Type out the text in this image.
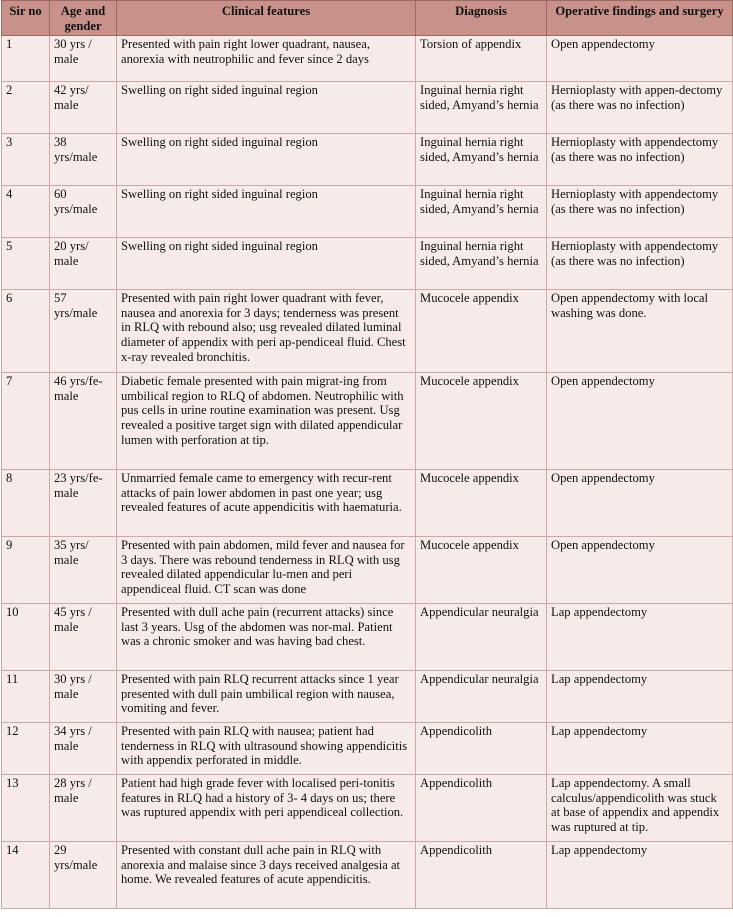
Sir no	Age and gender	Clinical features	Diagnosis	Operative findings and surgery
1	30 yrs / male	Presented with pain right lower quadrant, nausea, anorexia with neutrophilic and fever since 2 days	Torsion of appendix	Open appendectomy
2	42 yrs/ male	Swelling on right sided inguinal region	Inguinal hernia right sided, Amyand’s hernia	Hernioplasty with appen-dectomy (as there was no infection)
3	38 yrs/male	Swelling on right sided inguinal region	Inguinal hernia right sided, Amyand’s hernia	Hernioplasty with appendectomy (as there was no infection)
4	60 yrs/male	Swelling on right sided inguinal region	Inguinal hernia right sided, Amyand’s hernia	Hernioplasty with appendectomy (as there was no infection)
5	20 yrs/ male	Swelling on right sided inguinal region	Inguinal hernia right sided, Amyand’s hernia	Hernioplasty with appendectomy (as there was no infection)
6	57 yrs/male	Presented with pain right lower quadrant with fever, nausea and anorexia for 3 days; tenderness was present in RLQ with rebound also; usg revealed dilated luminal diameter of appendix with peri ap-pendiceal fluid. Chest x-ray revealed bronchitis.	Mucocele appendix	Open appendectomy with local washing was done.
7	46 yrs/fe-male	Diabetic female presented with pain migrat-ing from umbilical region to RLQ of abdomen. Neutrophilic with pus cells in urine routine examination was present. Usg revealed a positive target sign with dilated appendicular lumen with perforation at tip.	Mucocele appendix	Open appendectomy
8	23 yrs/fe-male	Unmarried female came to emergency with recur-rent attacks of pain lower abdomen in past one year; usg revealed features of acute appendicitis with haematuria.	Mucocele appendix	Open appendectomy
9	35 yrs/ male	Presented with pain abdomen, mild fever and nausea for 3 days. There was rebound tenderness in RLQ with usg revealed dilated appendicular lu-men and peri appendiceal fluid. CT scan was done	Mucocele appendix	Open appendectomy
10	45 yrs / male	Presented with dull ache pain (recurrent attacks) since last 3 years. Usg of the abdomen was nor-mal. Patient was a chronic smoker and was having bad chest.	Appendicular neuralgia	Lap appendectomy
11	30 yrs / male	Presented with pain RLQ recurrent attacks since 1 year presented with dull pain umbilical region with nausea, vomiting and fever.	Appendicular neuralgia	Lap appendectomy
12	34 yrs / male	Presented with pain RLQ with nausea; patient had tenderness in RLQ with ultrasound showing appendicitis with appendix perforated in middle.	Appendicolith	Lap appendectomy
13	28 yrs / male	Patient had high grade fever with localised peri-tonitis features in RLQ had a history of 3- 4 days on us; there was ruptured appendix with peri appendiceal collection.	Appendicolith	Lap appendectomy. A small calculus/appendicolith was stuck at base of appendix and appendix was ruptured at tip.
14	29 yrs/male	Presented with constant dull ache pain in RLQ with anorexia and malaise since 3 days received analgesia at home. We revealed features of acute appendicitis.	Appendicolith	Lap appendectomy
